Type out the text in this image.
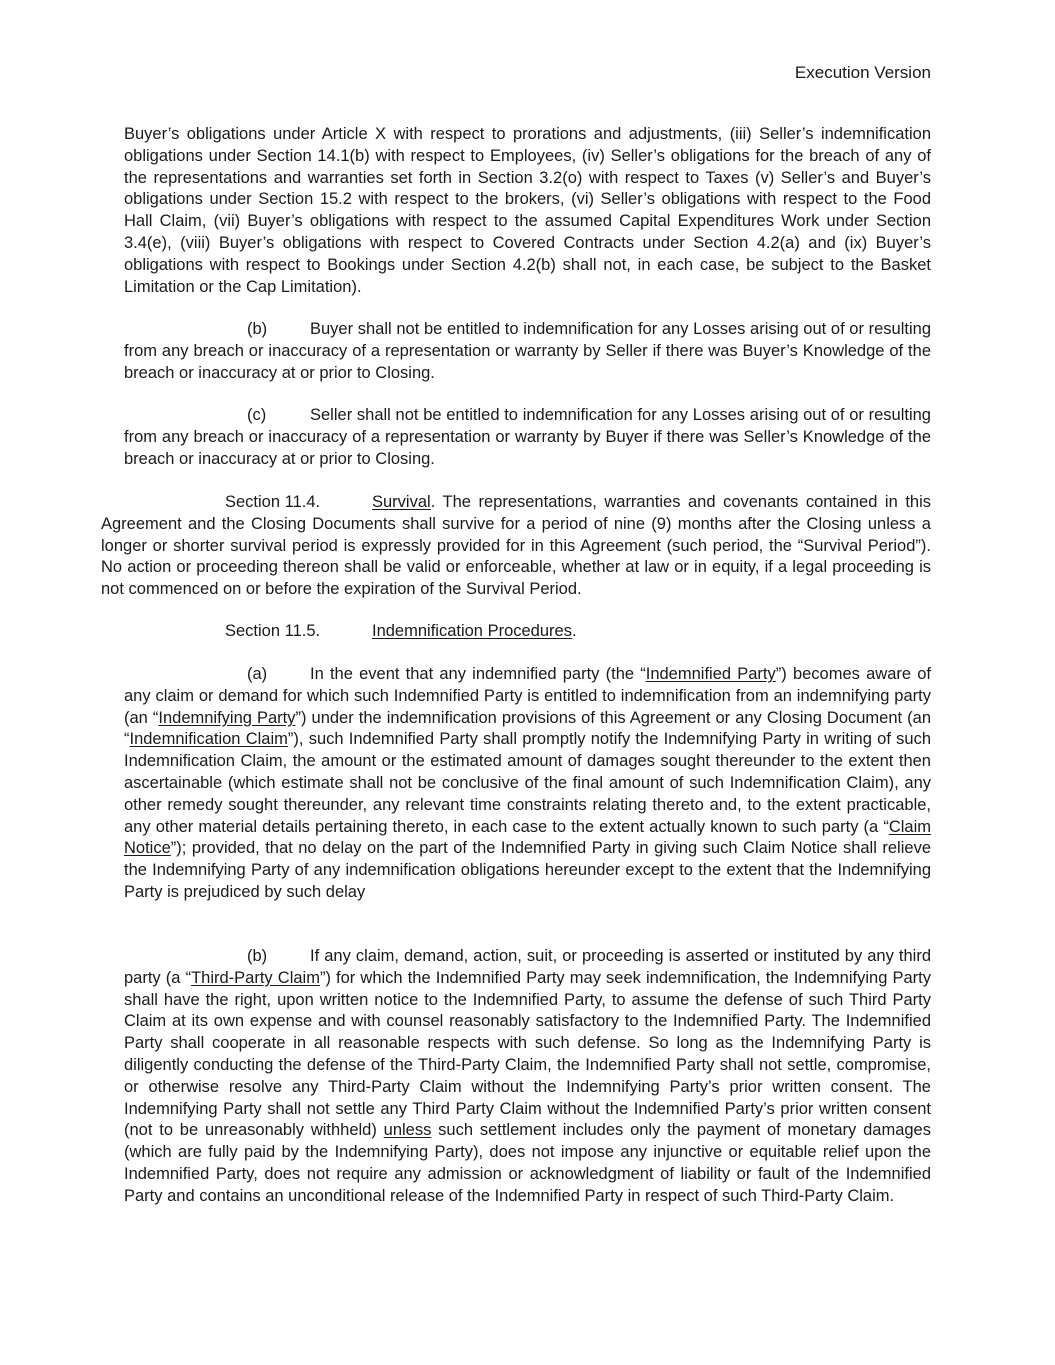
Execution Version
Buyer’s obligations under Article X with respect to prorations and adjustments, (iii) Seller’s indemnification obligations under Section 14.1(b) with respect to Employees, (iv) Seller’s obligations for the breach of any of the representations and warranties set forth in Section 3.2(o) with respect to Taxes (v) Seller’s and Buyer’s obligations under Section 15.2 with respect to the brokers, (vi) Seller’s obligations with respect to the Food Hall Claim, (vii) Buyer’s obligations with respect to the assumed Capital Expenditures Work under Section 3.4(e), (viii) Buyer’s obligations with respect to Covered Contracts under Section 4.2(a) and (ix) Buyer’s obligations with respect to Bookings under Section 4.2(b) shall not, in each case, be subject to the Basket Limitation or the Cap Limitation).
(b)	Buyer shall not be entitled to indemnification for any Losses arising out of or resulting from any breach or inaccuracy of a representation or warranty by Seller if there was Buyer’s Knowledge of the breach or inaccuracy at or prior to Closing.
(c)	Seller shall not be entitled to indemnification for any Losses arising out of or resulting from any breach or inaccuracy of a representation or warranty by Buyer if there was Seller’s Knowledge of the breach or inaccuracy at or prior to Closing.
Section 11.4.	Survival. The representations, warranties and covenants contained in this Agreement and the Closing Documents shall survive for a period of nine (9) months after the Closing unless a longer or shorter survival period is expressly provided for in this Agreement (such period, the “Survival Period”). No action or proceeding thereon shall be valid or enforceable, whether at law or in equity, if a legal proceeding is not commenced on or before the expiration of the Survival Period.
Section 11.5.	Indemnification Procedures.
(a)	In the event that any indemnified party (the “Indemnified Party”) becomes aware of any claim or demand for which such Indemnified Party is entitled to indemnification from an indemnifying party (an “Indemnifying Party”) under the indemnification provisions of this Agreement or any Closing Document (an “Indemnification Claim”), such Indemnified Party shall promptly notify the Indemnifying Party in writing of such Indemnification Claim, the amount or the estimated amount of damages sought thereunder to the extent then ascertainable (which estimate shall not be conclusive of the final amount of such Indemnification Claim), any other remedy sought thereunder, any relevant time constraints relating thereto and, to the extent practicable, any other material details pertaining thereto, in each case to the extent actually known to such party (a “Claim Notice”); provided, that no delay on the part of the Indemnified Party in giving such Claim Notice shall relieve the Indemnifying Party of any indemnification obligations hereunder except to the extent that the Indemnifying Party is prejudiced by such delay
(b)	If any claim, demand, action, suit, or proceeding is asserted or instituted by any third party (a “Third-Party Claim”) for which the Indemnified Party may seek indemnification, the Indemnifying Party shall have the right, upon written notice to the Indemnified Party, to assume the defense of such Third Party Claim at its own expense and with counsel reasonably satisfactory to the Indemnified Party. The Indemnified Party shall cooperate in all reasonable respects with such defense. So long as the Indemnifying Party is diligently conducting the defense of the Third-Party Claim, the Indemnified Party shall not settle, compromise, or otherwise resolve any Third-Party Claim without the Indemnifying Party’s prior written consent. The Indemnifying Party shall not settle any Third Party Claim without the Indemnified Party’s prior written consent (not to be unreasonably withheld) unless such settlement includes only the payment of monetary damages (which are fully paid by the Indemnifying Party), does not impose any injunctive or equitable relief upon the Indemnified Party, does not require any admission or acknowledgment of liability or fault of the Indemnified Party and contains an unconditional release of the Indemnified Party in respect of such Third-Party Claim.
